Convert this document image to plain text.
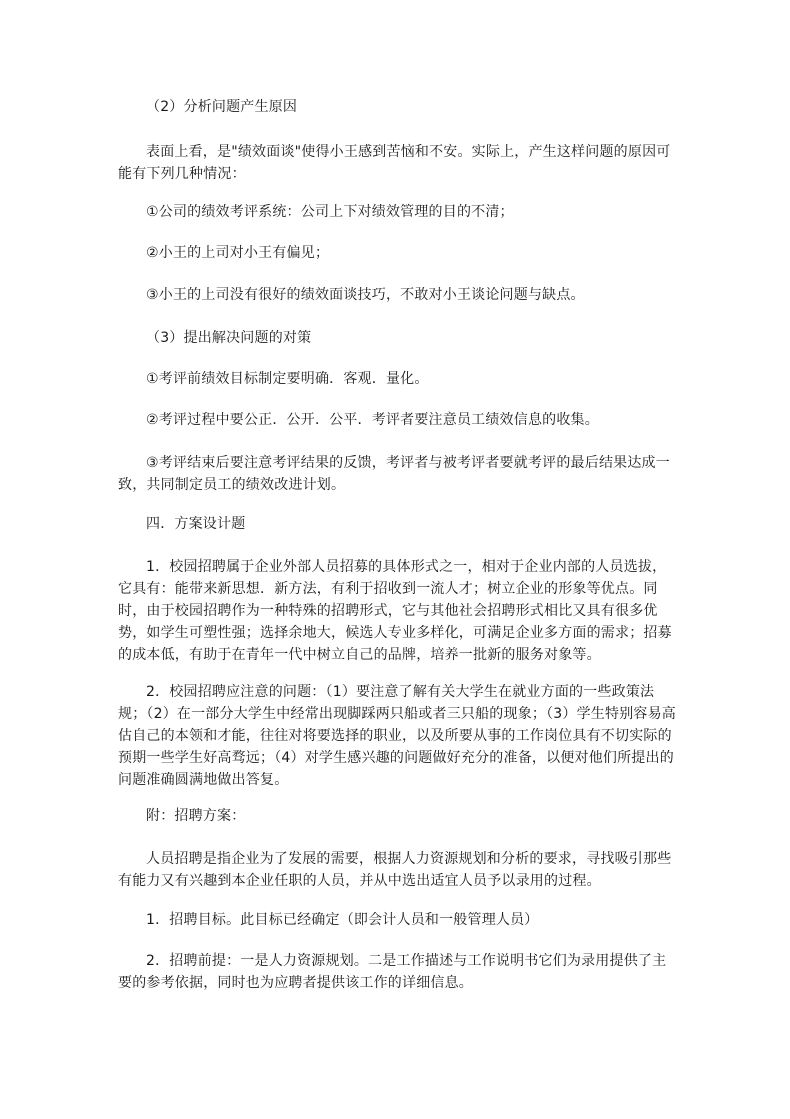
（2）分析问题产生原因

表面上看，是"绩效面谈"使得小王感到苦恼和不安。实际上，产生这样问题的原因可能有下列几种情况：

①公司的绩效考评系统：公司上下对绩效管理的目的不清；

②小王的上司对小王有偏见；

③小王的上司没有很好的绩效面谈技巧，不敢对小王谈论问题与缺点。

（3）提出解决问题的对策

①考评前绩效目标制定要明确．客观．量化。

②考评过程中要公正．公开．公平．考评者要注意员工绩效信息的收集。

③考评结束后要注意考评结果的反馈，考评者与被考评者要就考评的最后结果达成一致，共同制定员工的绩效改进计划。

四．方案设计题

1．校园招聘属于企业外部人员招募的具体形式之一，相对于企业内部的人员选拔，它具有：能带来新思想．新方法，有利于招收到一流人才；树立企业的形象等优点。同时，由于校园招聘作为一种特殊的招聘形式，它与其他社会招聘形式相比又具有很多优势，如学生可塑性强；选择余地大，候选人专业多样化，可满足企业多方面的需求；招募的成本低，有助于在青年一代中树立自己的品牌，培养一批新的服务对象等。

2．校园招聘应注意的问题：（1）要注意了解有关大学生在就业方面的一些政策法规；（2）在一部分大学生中经常出现脚踩两只船或者三只船的现象；（3）学生特别容易高估自己的本领和才能，往往对将要选择的职业，以及所要从事的工作岗位具有不切实际的预期一些学生好高骛远；（4）对学生感兴趣的问题做好充分的准备，以便对他们所提出的问题准确圆满地做出答复。

附：招聘方案：

人员招聘是指企业为了发展的需要，根据人力资源规划和分析的要求，寻找吸引那些有能力又有兴趣到本企业任职的人员，并从中选出适宜人员予以录用的过程。

1．招聘目标。此目标已经确定（即会计人员和一般管理人员）

2．招聘前提：一是人力资源规划。二是工作描述与工作说明书它们为录用提供了主要的参考依据，同时也为应聘者提供该工作的详细信息。
